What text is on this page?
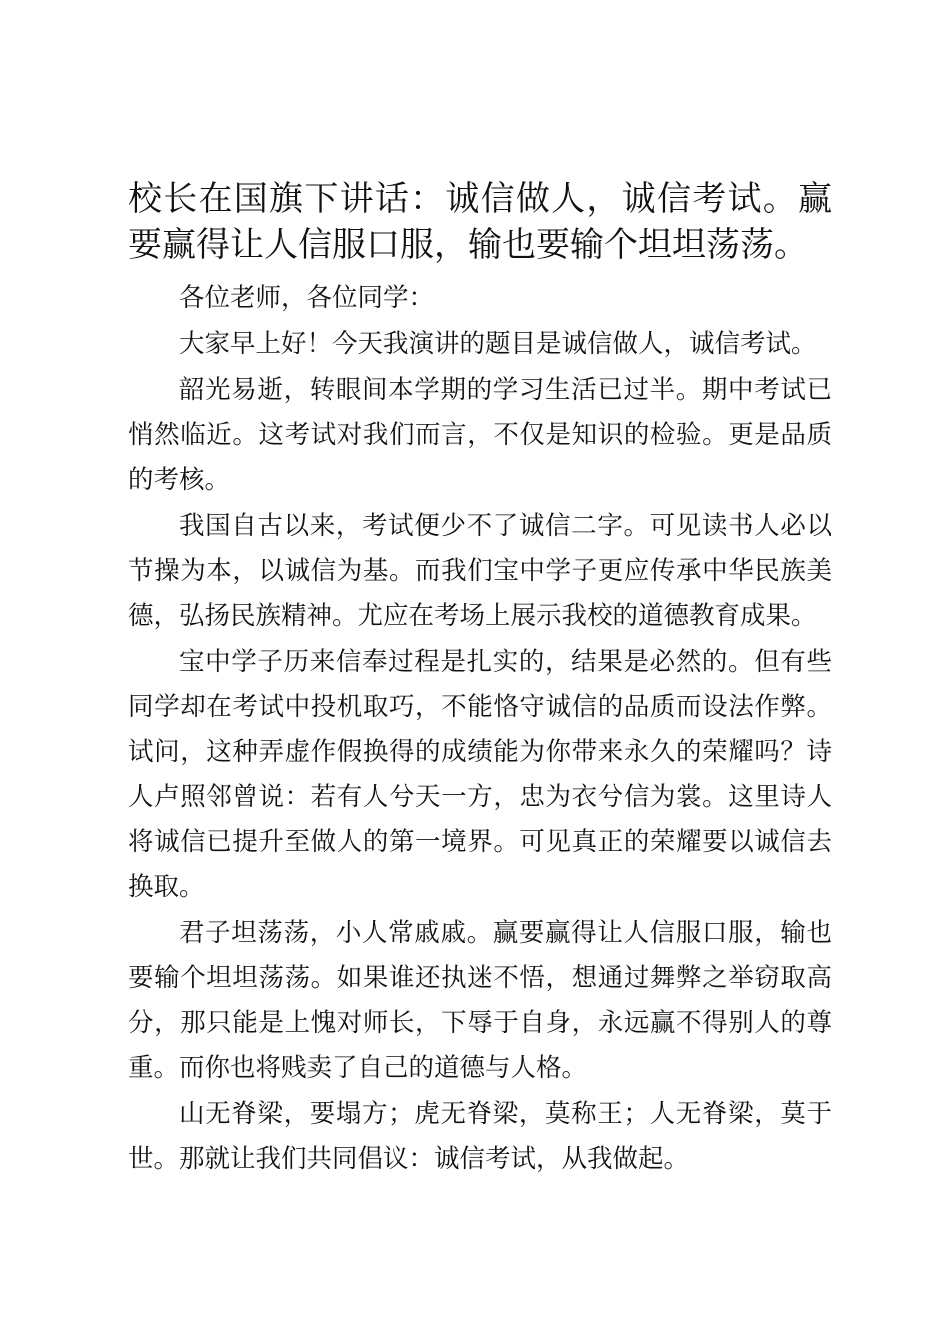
校长在国旗下讲话：诚信做人，诚信考试。赢要赢得让人信服口服，输也要输个坦坦荡荡。

各位老师，各位同学：

大家早上好！今天我演讲的题目是诚信做人，诚信考试。

韶光易逝，转眼间本学期的学习生活已过半。期中考试已悄然临近。这考试对我们而言，不仅是知识的检验。更是品质的考核。

我国自古以来，考试便少不了诚信二字。可见读书人必以节操为本，以诚信为基。而我们宝中学子更应传承中华民族美德，弘扬民族精神。尤应在考场上展示我校的道德教育成果。

宝中学子历来信奉过程是扎实的，结果是必然的。但有些同学却在考试中投机取巧，不能恪守诚信的品质而设法作弊。试问，这种弄虚作假换得的成绩能为你带来永久的荣耀吗？诗人卢照邻曾说：若有人兮天一方，忠为衣兮信为裳。这里诗人将诚信已提升至做人的第一境界。可见真正的荣耀要以诚信去换取。

君子坦荡荡，小人常戚戚。赢要赢得让人信服口服，输也要输个坦坦荡荡。如果谁还执迷不悟，想通过舞弊之举窃取高分，那只能是上愧对师长，下辱于自身，永远赢不得别人的尊重。而你也将贱卖了自己的道德与人格。

山无脊梁，要塌方；虎无脊梁，莫称王；人无脊梁，莫于世。那就让我们共同倡议：诚信考试，从我做起。
